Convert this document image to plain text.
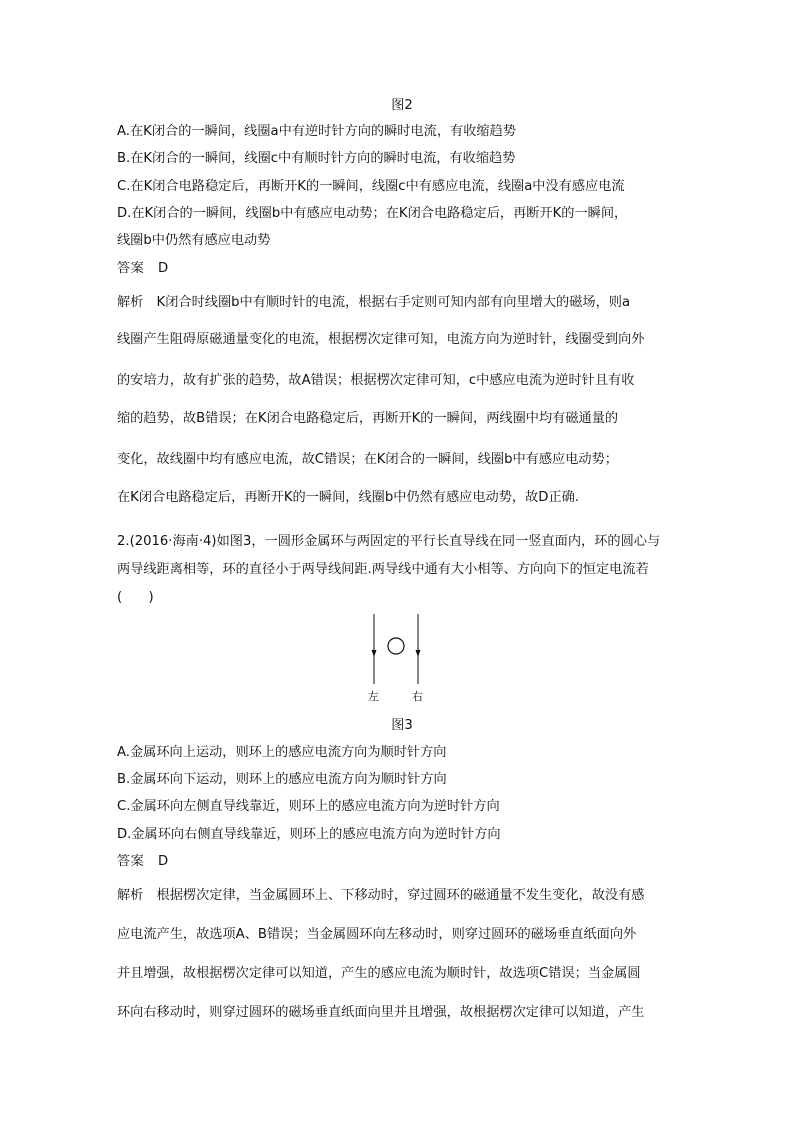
图2
A.在K闭合的一瞬间，线圈a中有逆时针方向的瞬时电流，有收缩趋势
B.在K闭合的一瞬间，线圈c中有顺时针方向的瞬时电流，有收缩趋势
C.在K闭合电路稳定后，再断开K的一瞬间，线圈c中有感应电流，线圈a中没有感应电流
D.在K闭合的一瞬间，线圈b中有感应电动势；在K闭合电路稳定后，再断开K的一瞬间，
线圈b中仍然有感应电动势
答案　D
解析　K闭合时线圈b中有顺时针的电流，根据右手定则可知内部有向里增大的磁场，则a
线圈产生阻碍原磁通量变化的电流，根据楞次定律可知，电流方向为逆时针，线圈受到向外
的安培力，故有扩张的趋势，故A错误；根据楞次定律可知，c中感应电流为逆时针且有收
缩的趋势，故B错误；在K闭合电路稳定后，再断开K的一瞬间，两线圈中均有磁通量的
变化，故线圈中均有感应电流，故C错误；在K闭合的一瞬间，线圈b中有感应电动势；
在K闭合电路稳定后，再断开K的一瞬间，线圈b中仍然有感应电动势，故D正确.
2.(2016·海南·4)如图3，一圆形金属环与两固定的平行长直导线在同一竖直面内，环的圆心与
两导线距离相等，环的直径小于两导线间距.两导线中通有大小相等、方向向下的恒定电流若
(　　)
左	右
图3
A.金属环向上运动，则环上的感应电流方向为顺时针方向
B.金属环向下运动，则环上的感应电流方向为顺时针方向
C.金属环向左侧直导线靠近，则环上的感应电流方向为逆时针方向
D.金属环向右侧直导线靠近，则环上的感应电流方向为逆时针方向
答案　D
解析　根据楞次定律，当金属圆环上、下移动时，穿过圆环的磁通量不发生变化，故没有感
应电流产生，故选项A、B错误；当金属圆环向左移动时，则穿过圆环的磁场垂直纸面向外
并且增强，故根据楞次定律可以知道，产生的感应电流为顺时针，故选项C错误；当金属圆
环向右移动时，则穿过圆环的磁场垂直纸面向里并且增强，故根据楞次定律可以知道，产生
